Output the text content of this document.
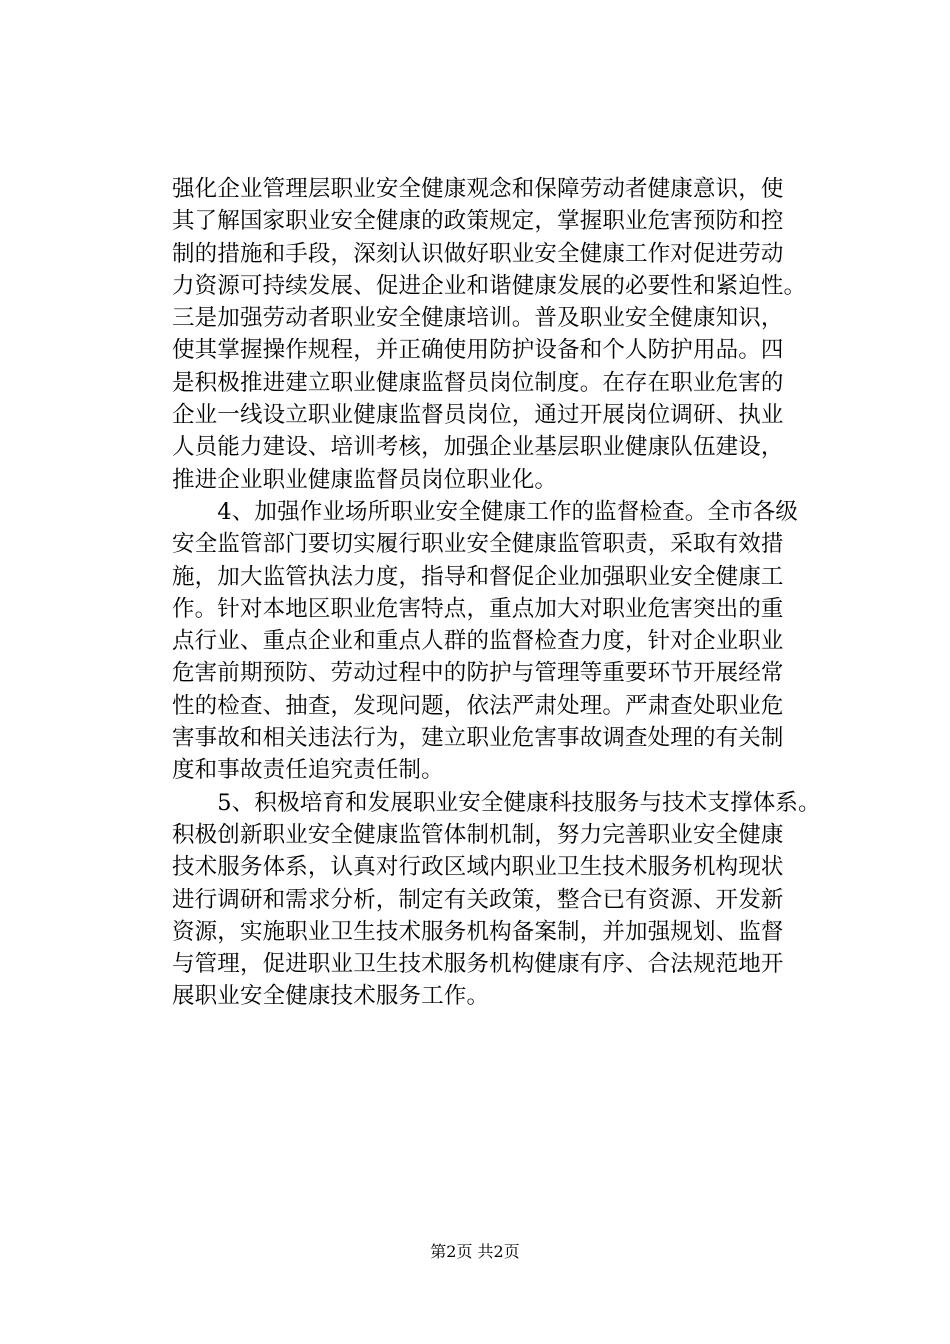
强化企业管理层职业安全健康观念和保障劳动者健康意识，使
其了解国家职业安全健康的政策规定，掌握职业危害预防和控
制的措施和手段，深刻认识做好职业安全健康工作对促进劳动
力资源可持续发展、促进企业和谐健康发展的必要性和紧迫性。
三是加强劳动者职业安全健康培训。普及职业安全健康知识，
使其掌握操作规程，并正确使用防护设备和个人防护用品。四
是积极推进建立职业健康监督员岗位制度。在存在职业危害的
企业一线设立职业健康监督员岗位，通过开展岗位调研、执业
人员能力建设、培训考核，加强企业基层职业健康队伍建设，
推进企业职业健康监督员岗位职业化。
　　4、加强作业场所职业安全健康工作的监督检查。全市各级
安全监管部门要切实履行职业安全健康监管职责，采取有效措
施，加大监管执法力度，指导和督促企业加强职业安全健康工
作。针对本地区职业危害特点，重点加大对职业危害突出的重
点行业、重点企业和重点人群的监督检查力度，针对企业职业
危害前期预防、劳动过程中的防护与管理等重要环节开展经常
性的检查、抽查，发现问题，依法严肃处理。严肃查处职业危
害事故和相关违法行为，建立职业危害事故调查处理的有关制
度和事故责任追究责任制。
　　5、积极培育和发展职业安全健康科技服务与技术支撑体系。
积极创新职业安全健康监管体制机制，努力完善职业安全健康
技术服务体系，认真对行政区域内职业卫生技术服务机构现状
进行调研和需求分析，制定有关政策，整合已有资源、开发新
资源，实施职业卫生技术服务机构备案制，并加强规划、监督
与管理，促进职业卫生技术服务机构健康有序、合法规范地开
展职业安全健康技术服务工作。
第2页 共2页
